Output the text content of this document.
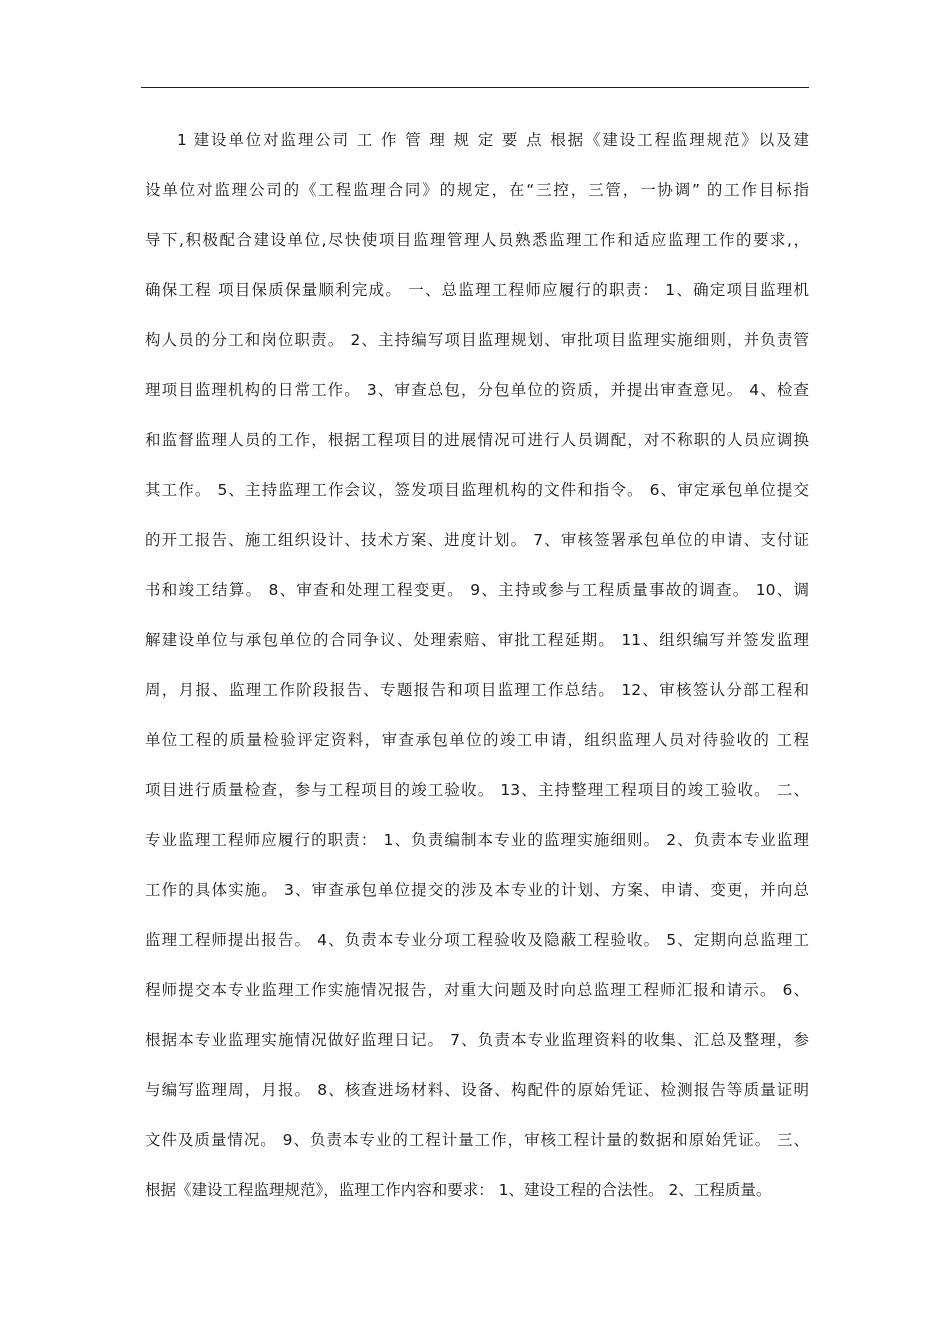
1 建设单位对监理公司 工 作 管 理 规 定 要 点 根据《建设工程监理规范》以及建
设单位对监理公司的《工程监理合同》的规定，在“三控，三管，一协调” 的工作目标指
导下,积极配合建设单位,尽快使项目监理管理人员熟悉监理工作和适应监理工作的要求,，
确保工程 项目保质保量顺利完成。 一、总监理工程师应履行的职责： 1、确定项目监理机
构人员的分工和岗位职责。 2、主持编写项目监理规划、审批项目监理实施细则，并负责管
理项目监理机构的日常工作。 3、审查总包，分包单位的资质，并提出审查意见。 4、检查
和监督监理人员的工作，根据工程项目的进展情况可进行人员调配，对不称职的人员应调换
其工作。 5、主持监理工作会议，签发项目监理机构的文件和指令。 6、审定承包单位提交
的开工报告、施工组织设计、技术方案、进度计划。 7、审核签署承包单位的申请、支付证
书和竣工结算。 8、审查和处理工程变更。 9、主持或参与工程质量事故的调查。 10、调
解建设单位与承包单位的合同争议、处理索赔、审批工程延期。 11、组织编写并签发监理
周，月报、监理工作阶段报告、专题报告和项目监理工作总结。 12、审核签认分部工程和
单位工程的质量检验评定资料，审查承包单位的竣工申请，组织监理人员对待验收的 工程
项目进行质量检查，参与工程项目的竣工验收。 13、主持整理工程项目的竣工验收。 二、
专业监理工程师应履行的职责： 1、负责编制本专业的监理实施细则。 2、负责本专业监理
工作的具体实施。 3、审查承包单位提交的涉及本专业的计划、方案、申请、变更，并向总
监理工程师提出报告。 4、负责本专业分项工程验收及隐蔽工程验收。 5、定期向总监理工
程师提交本专业监理工作实施情况报告，对重大问题及时向总监理工程师汇报和请示。 6、
根据本专业监理实施情况做好监理日记。 7、负责本专业监理资料的收集、汇总及整理，参
与编写监理周，月报。 8、核查进场材料、设备、构配件的原始凭证、检测报告等质量证明
文件及质量情况。 9、负责本专业的工程计量工作，审核工程计量的数据和原始凭证。 三、
根据《建设工程监理规范》，监理工作内容和要求： 1、建设工程的合法性。 2、工程质量。
